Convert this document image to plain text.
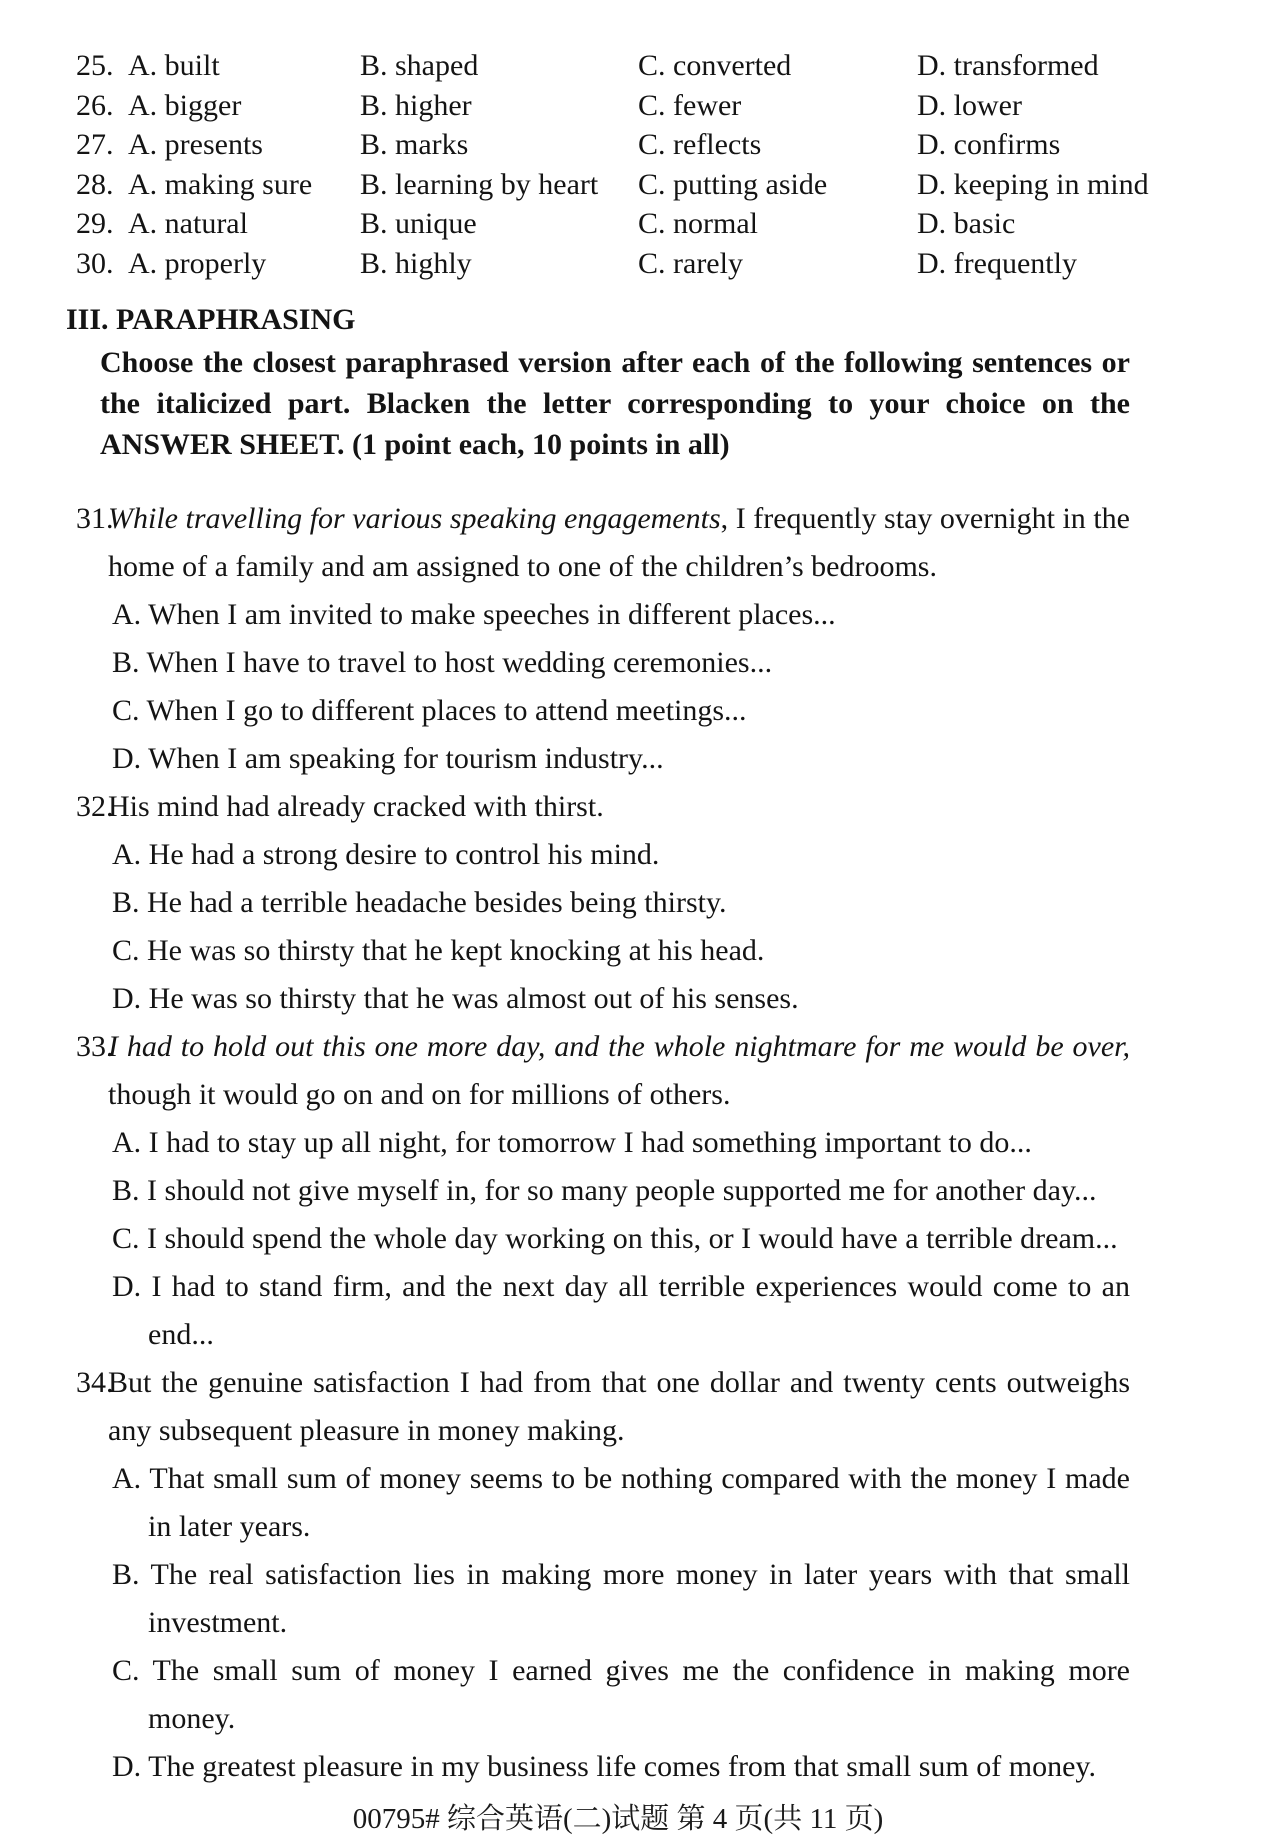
25. A. built	B. shaped	C. converted	D. transformed
26. A. bigger	B. higher	C. fewer	D. lower
27. A. presents	B. marks	C. reflects	D. confirms
28. A. making sure	B. learning by heart	C. putting aside	D. keeping in mind
29. A. natural	B. unique	C. normal	D. basic
30. A. properly	B. highly	C. rarely	D. frequently
III. PARAPHRASING
Choose the closest paraphrased version after each of the following sentences or the italicized part. Blacken the letter corresponding to your choice on the ANSWER SHEET. (1 point each, 10 points in all)
31.While travelling for various speaking engagements, I frequently stay overnight in the home of a family and am assigned to one of the children’s bedrooms.
A. When I am invited to make speeches in different places...
B. When I have to travel to host wedding ceremonies...
C. When I go to different places to attend meetings...
D. When I am speaking for tourism industry...
32.His mind had already cracked with thirst.
A. He had a strong desire to control his mind.
B. He had a terrible headache besides being thirsty.
C. He was so thirsty that he kept knocking at his head.
D. He was so thirsty that he was almost out of his senses.
33.I had to hold out this one more day, and the whole nightmare for me would be over, though it would go on and on for millions of others.
A. I had to stay up all night, for tomorrow I had something important to do...
B. I should not give myself in, for so many people supported me for another day...
C. I should spend the whole day working on this, or I would have a terrible dream...
D. I had to stand firm, and the next day all terrible experiences would come to an end...
34.But the genuine satisfaction I had from that one dollar and twenty cents outweighs any subsequent pleasure in money making.
A. That small sum of money seems to be nothing compared with the money I made in later years.
B. The real satisfaction lies in making more money in later years with that small investment.
C. The small sum of money I earned gives me the confidence in making more money.
D. The greatest pleasure in my business life comes from that small sum of money.
00795# 综合英语(二)试题 第 4 页(共 11 页)
